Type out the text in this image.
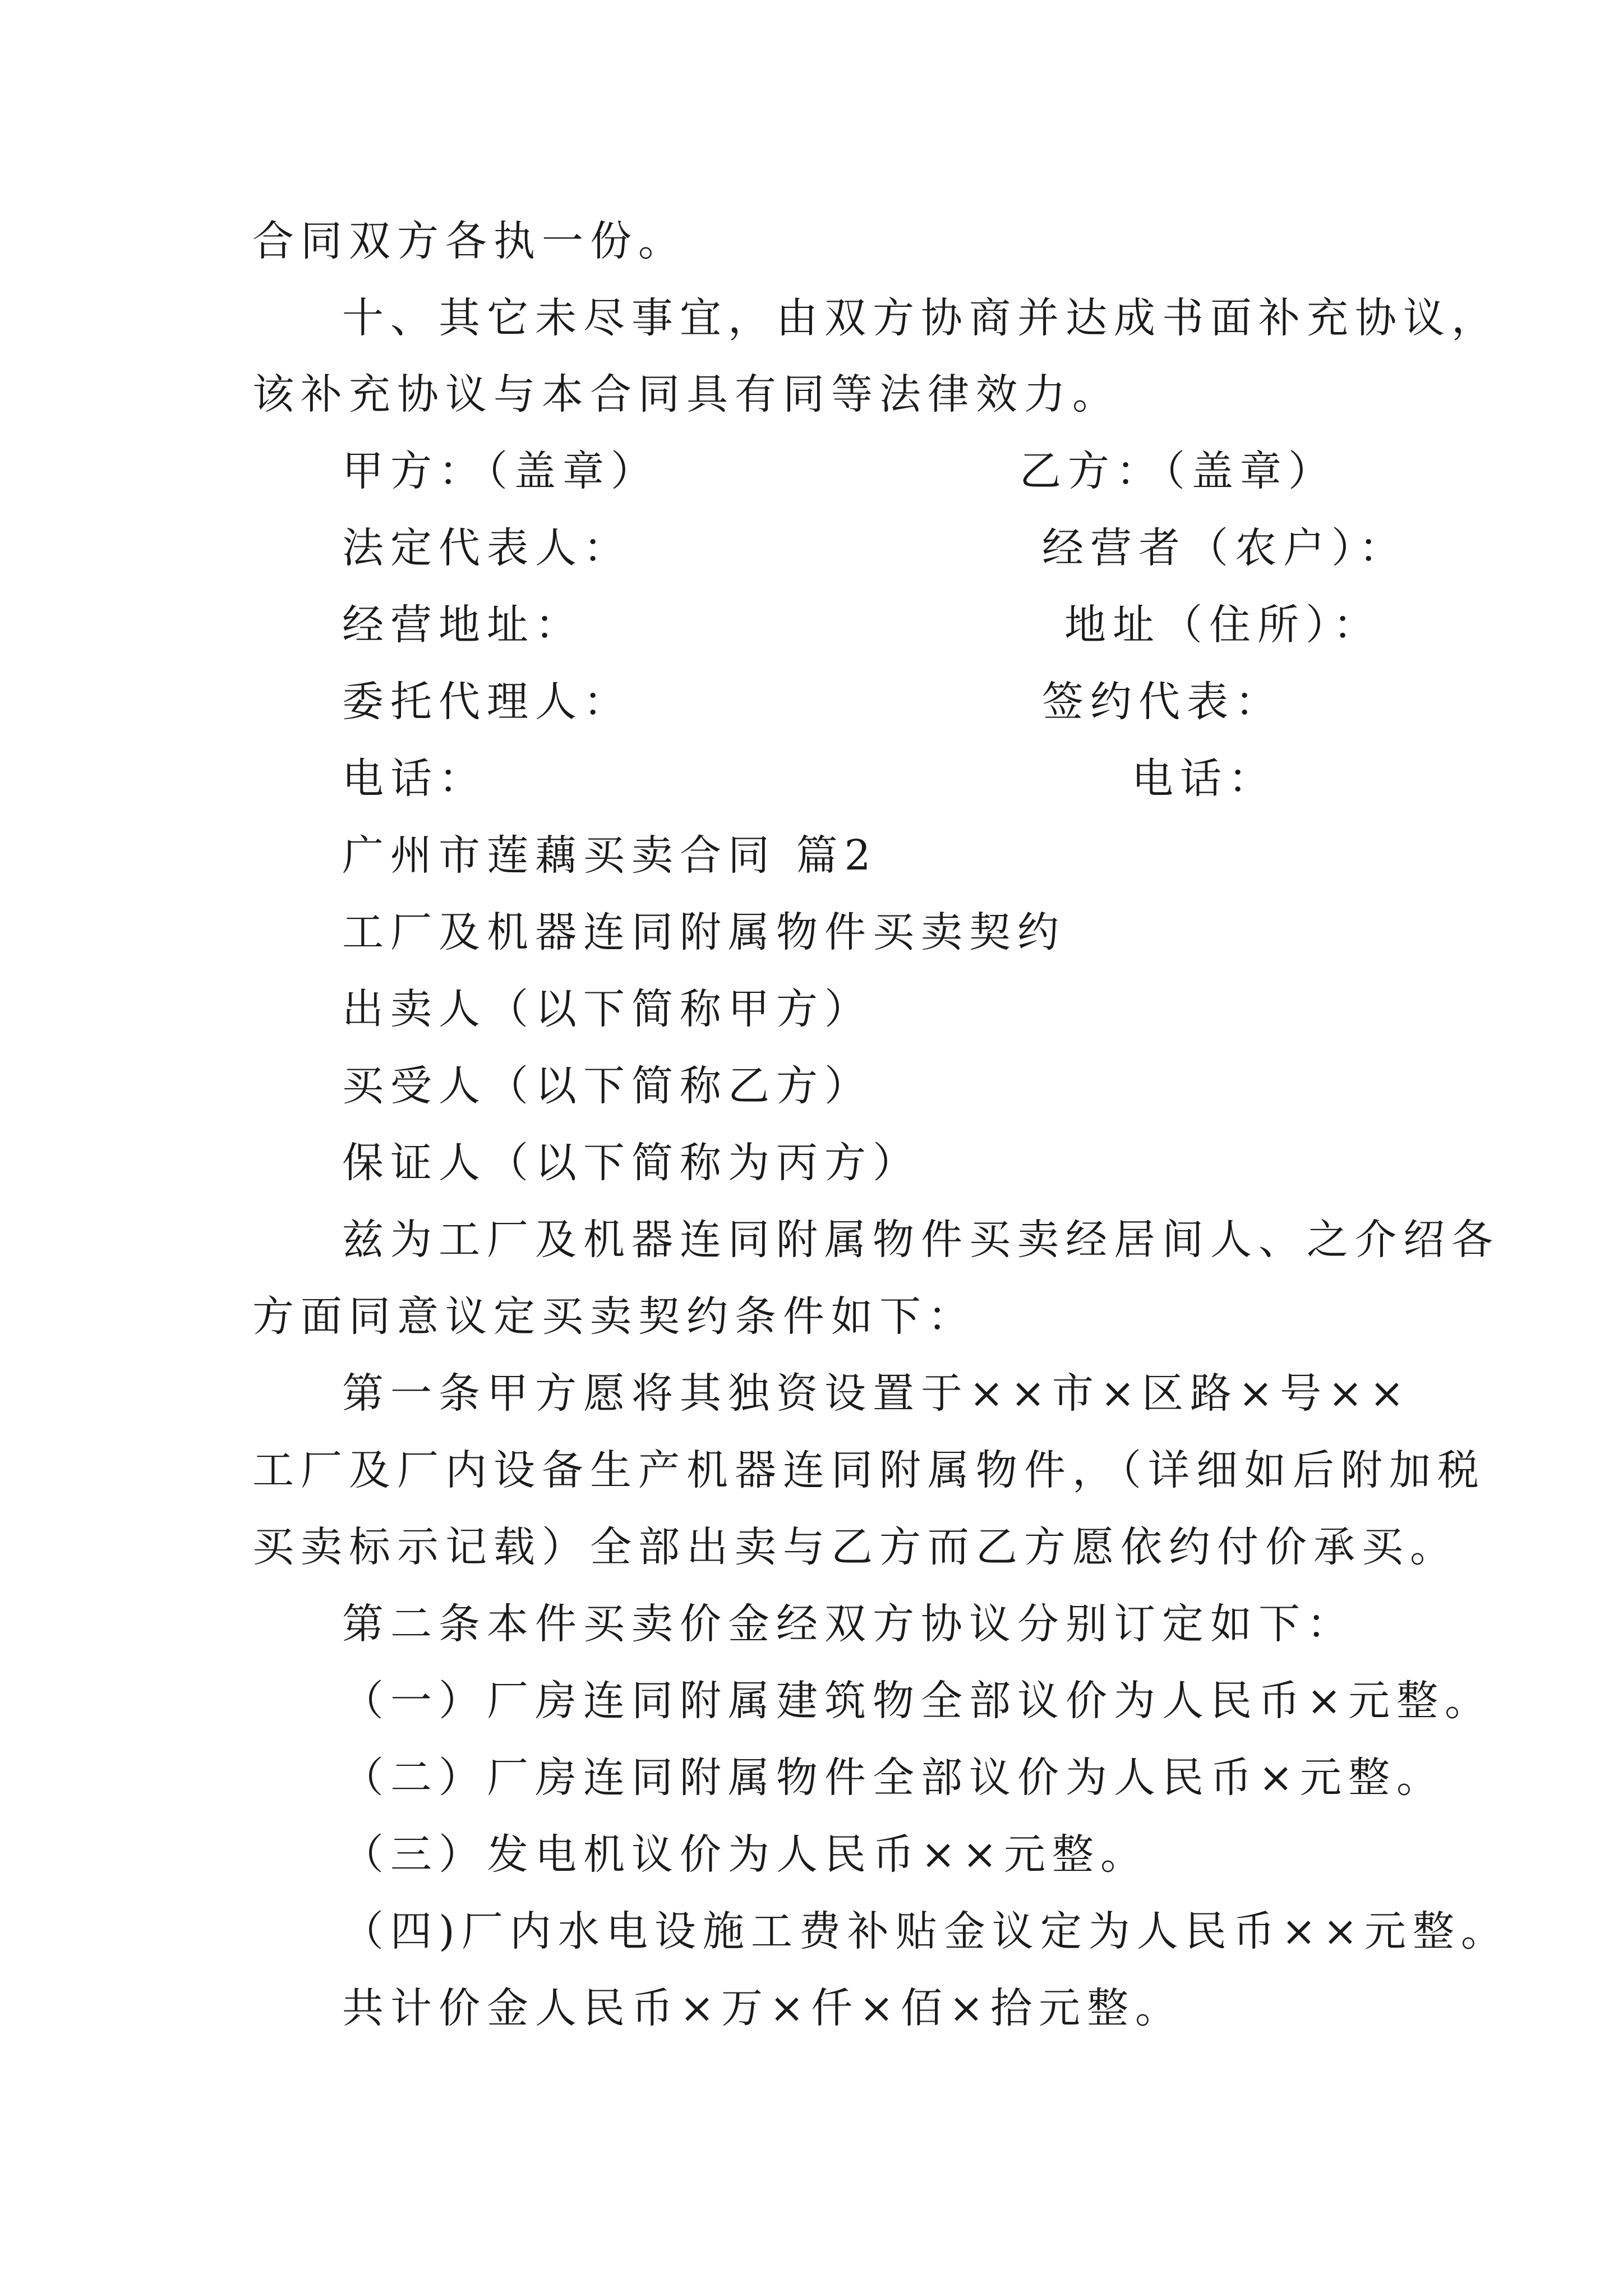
合同双方各执一份。
十、其它未尽事宜，由双方协商并达成书面补充协议，
该补充协议与本合同具有同等法律效力。
甲方：（盖章）	乙方：（盖章）
法定代表人：	经营者（农户）：
经营地址：	地址（住所）：
委托代理人：	签约代表：
电话：	电话：
广州市莲藕买卖合同 篇2
工厂及机器连同附属物件买卖契约
出卖人（以下简称甲方）
买受人（以下简称乙方）
保证人（以下简称为丙方）
兹为工厂及机器连同附属物件买卖经居间人、之介绍各
方面同意议定买卖契约条件如下：
第一条甲方愿将其独资设置于××市×区路×号××
工厂及厂内设备生产机器连同附属物件，（详细如后附加税
买卖标示记载）全部出卖与乙方而乙方愿依约付价承买。
第二条本件买卖价金经双方协议分别订定如下：
（一）厂房连同附属建筑物全部议价为人民币×元整。
（二）厂房连同附属物件全部议价为人民币×元整。
（三）发电机议价为人民币××元整。
（四)厂内水电设施工费补贴金议定为人民币××元整。
共计价金人民币×万×仟×佰×拾元整。
